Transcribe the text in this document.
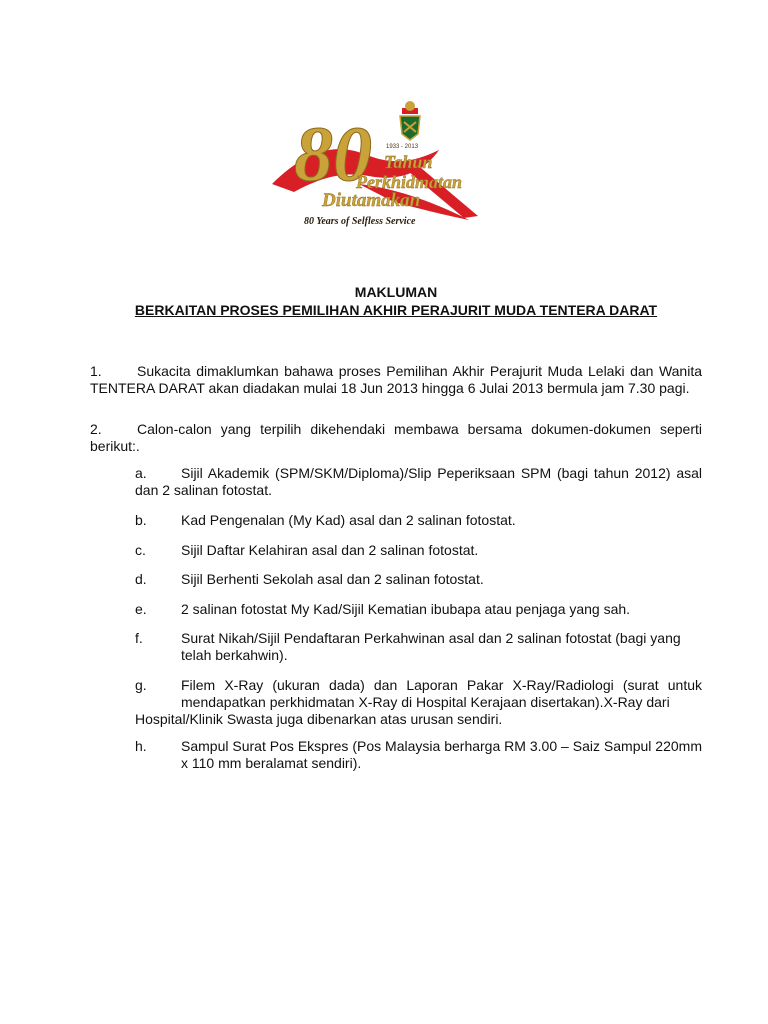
80 1933 - 2013
Tahun
Perkhidmatan
Diutamakan
80 Years of Selfless Service
MAKLUMAN
BERKAITAN PROSES PEMILIHAN AKHIR PERAJURIT MUDA TENTERA DARAT
1.	Sukacita dimaklumkan bahawa proses Pemilihan Akhir Perajurit Muda Lelaki dan Wanita TENTERA DARAT akan diadakan mulai 18 Jun 2013 hingga 6 Julai 2013 bermula jam 7.30 pagi.
2.	Calon-calon yang terpilih dikehendaki membawa bersama dokumen-dokumen seperti berikut:.
a. Sijil Akademik (SPM/SKM/Diploma)/Slip Peperiksaan SPM (bagi tahun 2012) asal
dan 2 salinan fotostat.
b. Kad Pengenalan (My Kad) asal dan 2 salinan fotostat.
c.	Sijil Daftar Kelahiran asal dan 2 salinan fotostat.
d. Sijil Berhenti Sekolah asal dan 2 salinan fotostat.
e. 2 salinan fotostat My Kad/Sijil Kematian ibubapa atau penjaga yang sah.
f.	Surat Nikah/Sijil Pendaftaran Perkahwinan asal dan 2 salinan fotostat (bagi yang telah berkahwin).
g. Filem X-Ray (ukuran dada) dan Laporan Pakar X-Ray/Radiologi (surat untuk mendapatkan perkhidmatan X-Ray di Hospital Kerajaan disertakan).X-Ray dari
Hospital/Klinik Swasta juga dibenarkan atas urusan sendiri.
h. Sampul Surat Pos Ekspres (Pos Malaysia berharga RM 3.00 – Saiz Sampul 220mm x 110 mm beralamat sendiri).
